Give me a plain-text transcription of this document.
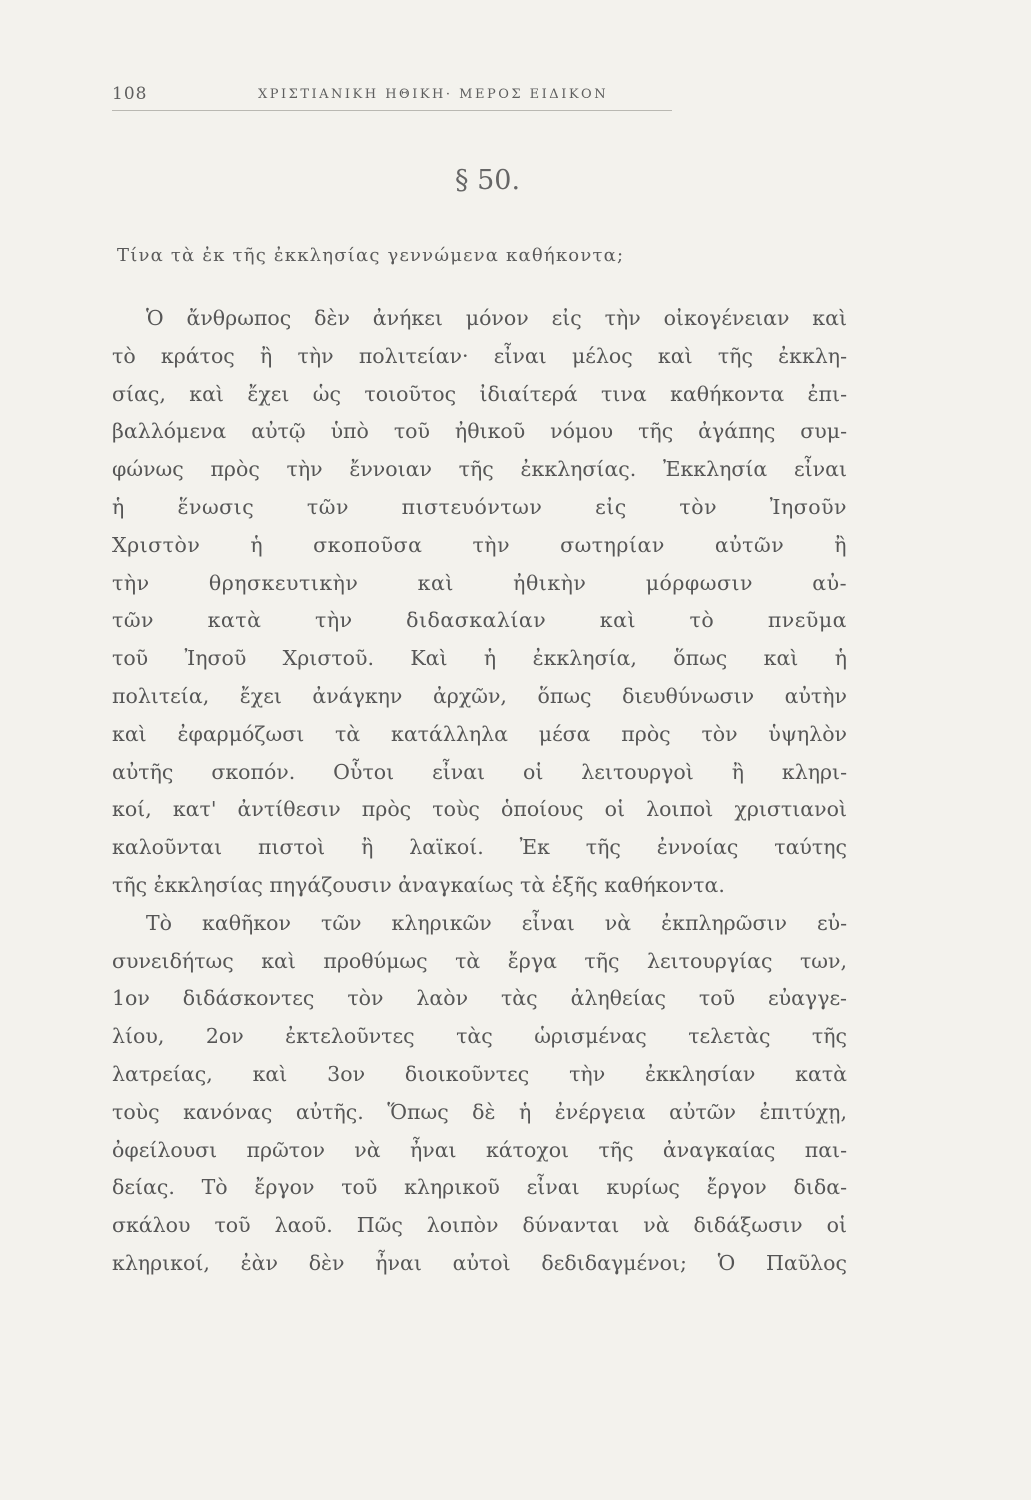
108	ΧΡΙΣΤΙΑΝΙΚΗ ΗΘΙΚΗ· ΜΕΡΟΣ ΕΙΔΙΚΟΝ
§ 50.
Τίνα τὰ ἐκ τῆς ἐκκλησίας γεννώμενα καθήκοντα;
Ὁ ἄνθρωπος δὲν ἀνήκει μόνον εἰς τὴν οἰκογένειαν καὶ
τὸ κράτος ἢ τὴν πολιτείαν· εἶναι μέλος καὶ τῆς ἐκκλη-
σίας, καὶ ἔχει ὡς τοιοῦτος ἰδιαίτερά τινα καθήκοντα ἐπι-
βαλλόμενα αὐτῷ ὑπὸ τοῦ ἠθικοῦ νόμου τῆς ἀγάπης συμ-
φώνως πρὸς τὴν ἔννοιαν τῆς ἐκκλησίας. Ἐκκλησία εἶναι
ἡ ἕνωσις τῶν πιστευόντων εἰς τὸν Ἰησοῦν
Χριστὸν ἡ σκοποῦσα τὴν σωτηρίαν αὐτῶν ἢ
τὴν θρησκευτικὴν καὶ ἠθικὴν μόρφωσιν αὐ-
τῶν κατὰ τὴν διδασκαλίαν καὶ τὸ πνεῦμα
τοῦ Ἰησοῦ Χριστοῦ. Καὶ ἡ ἐκκλησία, ὅπως καὶ ἡ
πολιτεία, ἔχει ἀνάγκην ἀρχῶν, ὅπως διευθύνωσιν αὐτὴν
καὶ ἐφαρμόζωσι τὰ κατάλληλα μέσα πρὸς τὸν ὑψηλὸν
αὐτῆς σκοπόν. Οὗτοι εἶναι οἱ λειτουργοὶ ἢ κληρι-
κοί, κατ' ἀντίθεσιν πρὸς τοὺς ὁποίους οἱ λοιποὶ χριστιανοὶ
καλοῦνται πιστοὶ ἢ λαϊκοί. Ἐκ τῆς ἐννοίας ταύτης
τῆς ἐκκλησίας πηγάζουσιν ἀναγκαίως τὰ ἑξῆς καθήκοντα.
Τὸ καθῆκον τῶν κληρικῶν εἶναι νὰ ἐκπληρῶσιν εὐ-
συνειδήτως καὶ προθύμως τὰ ἔργα τῆς λειτουργίας των,
1ον διδάσκοντες τὸν λαὸν τὰς ἀληθείας τοῦ εὐαγγε-
λίου, 2ον ἐκτελοῦντες τὰς ὡρισμένας τελετὰς τῆς
λατρείας, καὶ 3ον διοικοῦντες τὴν ἐκκλησίαν κατὰ
τοὺς κανόνας αὐτῆς. Ὅπως δὲ ἡ ἐνέργεια αὐτῶν ἐπιτύχῃ,
ὀφείλουσι πρῶτον νὰ ἦναι κάτοχοι τῆς ἀναγκαίας παι-
δείας. Τὸ ἔργον τοῦ κληρικοῦ εἶναι κυρίως ἔργον διδα-
σκάλου τοῦ λαοῦ. Πῶς λοιπὸν δύνανται νὰ διδάξωσιν οἱ
κληρικοί, ἐὰν δὲν ἦναι αὐτοὶ δεδιδαγμένοι; Ὁ Παῦλος
